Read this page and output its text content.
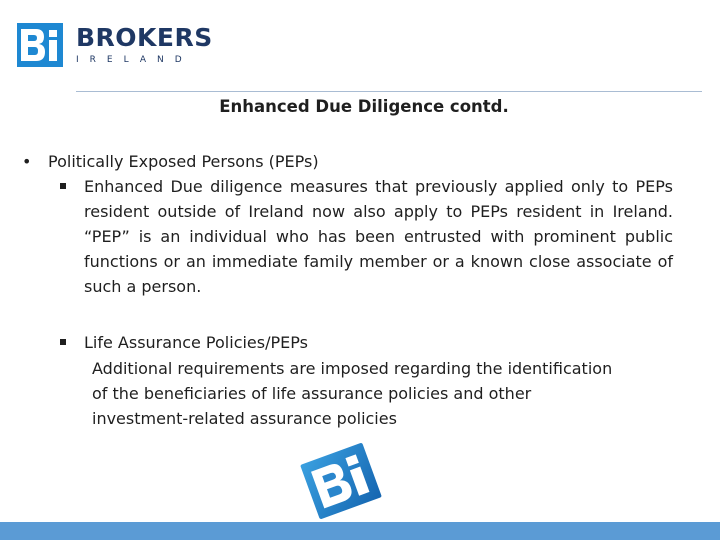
BROKERS
IRELAND
Enhanced Due Diligence contd.
• Politically Exposed Persons (PEPs)
Enhanced Due diligence measures that previously applied only to PEPs resident outside of Ireland now also apply to PEPs resident in Ireland. “PEP” is an individual who has been entrusted with prominent public functions or an immediate family member or a known close associate of such a person.
Life Assurance Policies/PEPs
Additional requirements are imposed regarding the identification
of the beneficiaries of life assurance policies and other
investment-related assurance policies
